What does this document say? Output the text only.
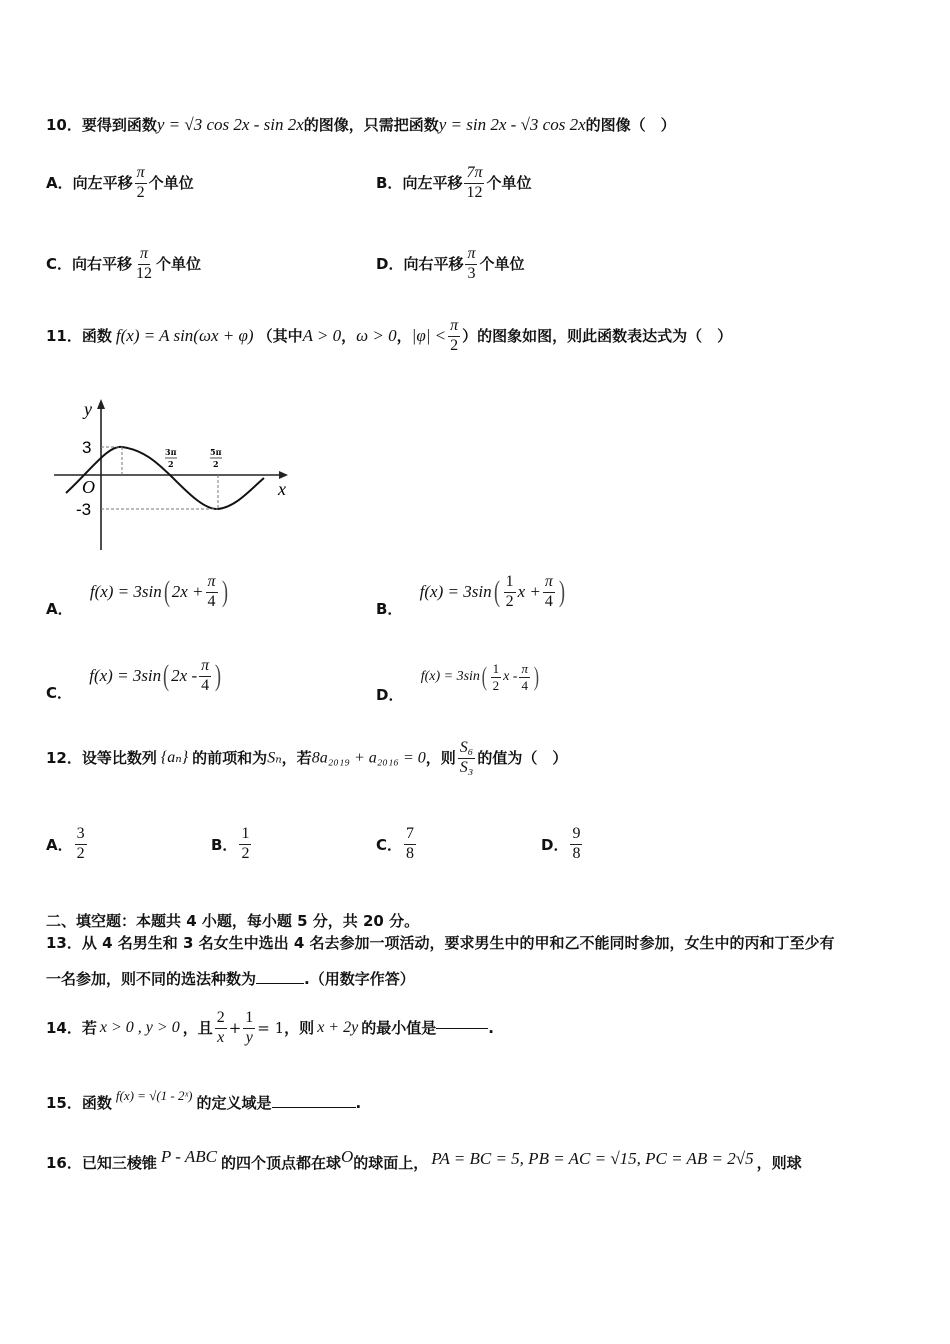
10．要得到函数y = √3 cos 2x - sin 2x的图像，只需把函数y = sin 2x - √3 cos 2x的图像（　）
A．向左平移 $\frac{\pi}{2}$ 个单位	B．向左平移 $\frac{7\pi}{12}$ 个单位
C．向右平移 $\frac{\pi}{12}$ 个单位	D．向右平移 $\frac{\pi}{3}$ 个单位
11．函数 f(x) = A sin(ωx + φ) （其中A > 0，ω > 0，$|\varphi| < \frac{\pi}{2}$ ）的图象如图，则此函数表达式为（　）
y
x
O
3
-3
3π
2
5π
2
A．
f(x) = 3sin ( $2x + \frac{\pi}{4}$ )
B．
f(x) = 3sin ( $\frac{1}{2}$ $x + \frac{\pi}{4}$ )
C．
f(x) = 3sin ( $2x - \frac{\pi}{4}$ )
D．
f(x) = 3sin ( $\frac{1}{2}$ x - $\frac{\pi}{4}$ )
12．设等比数列 {aₙ} 的前项和为Sₙ，若8a₂₀₁₉ + a₂₀₁₆ = 0，则 $\frac{\text{S₆}}{\text{S₃}}$ 的值为（　）
A． $\frac{3}{2}$	B． $\frac{1}{2}$	C． $\frac{7}{8}$	D． $\frac{9}{8}$
二、填空题：本题共 4 小题，每小题 5 分，共 20 分。
13．从 4 名男生和 3 名女生中选出 4 名去参加一项活动，要求男生中的甲和乙不能同时参加，女生中的丙和丁至少有
一名参加，则不同的选法种数为	.（用数字作答）
14．若 x > 0 , y > 0 ，且 $\frac{2}{x} + \frac{1}{y} = 1$，则 x + 2y 的最小值是	.
15．函数 f(x) = √(1 - 2ˣ) 的定义域是	.
16．已知三棱锥 P - ABC 的四个顶点都在球O的球面上， PA = BC = 5, PB = AC = √15, PC = AB = 2√5 ，则球
